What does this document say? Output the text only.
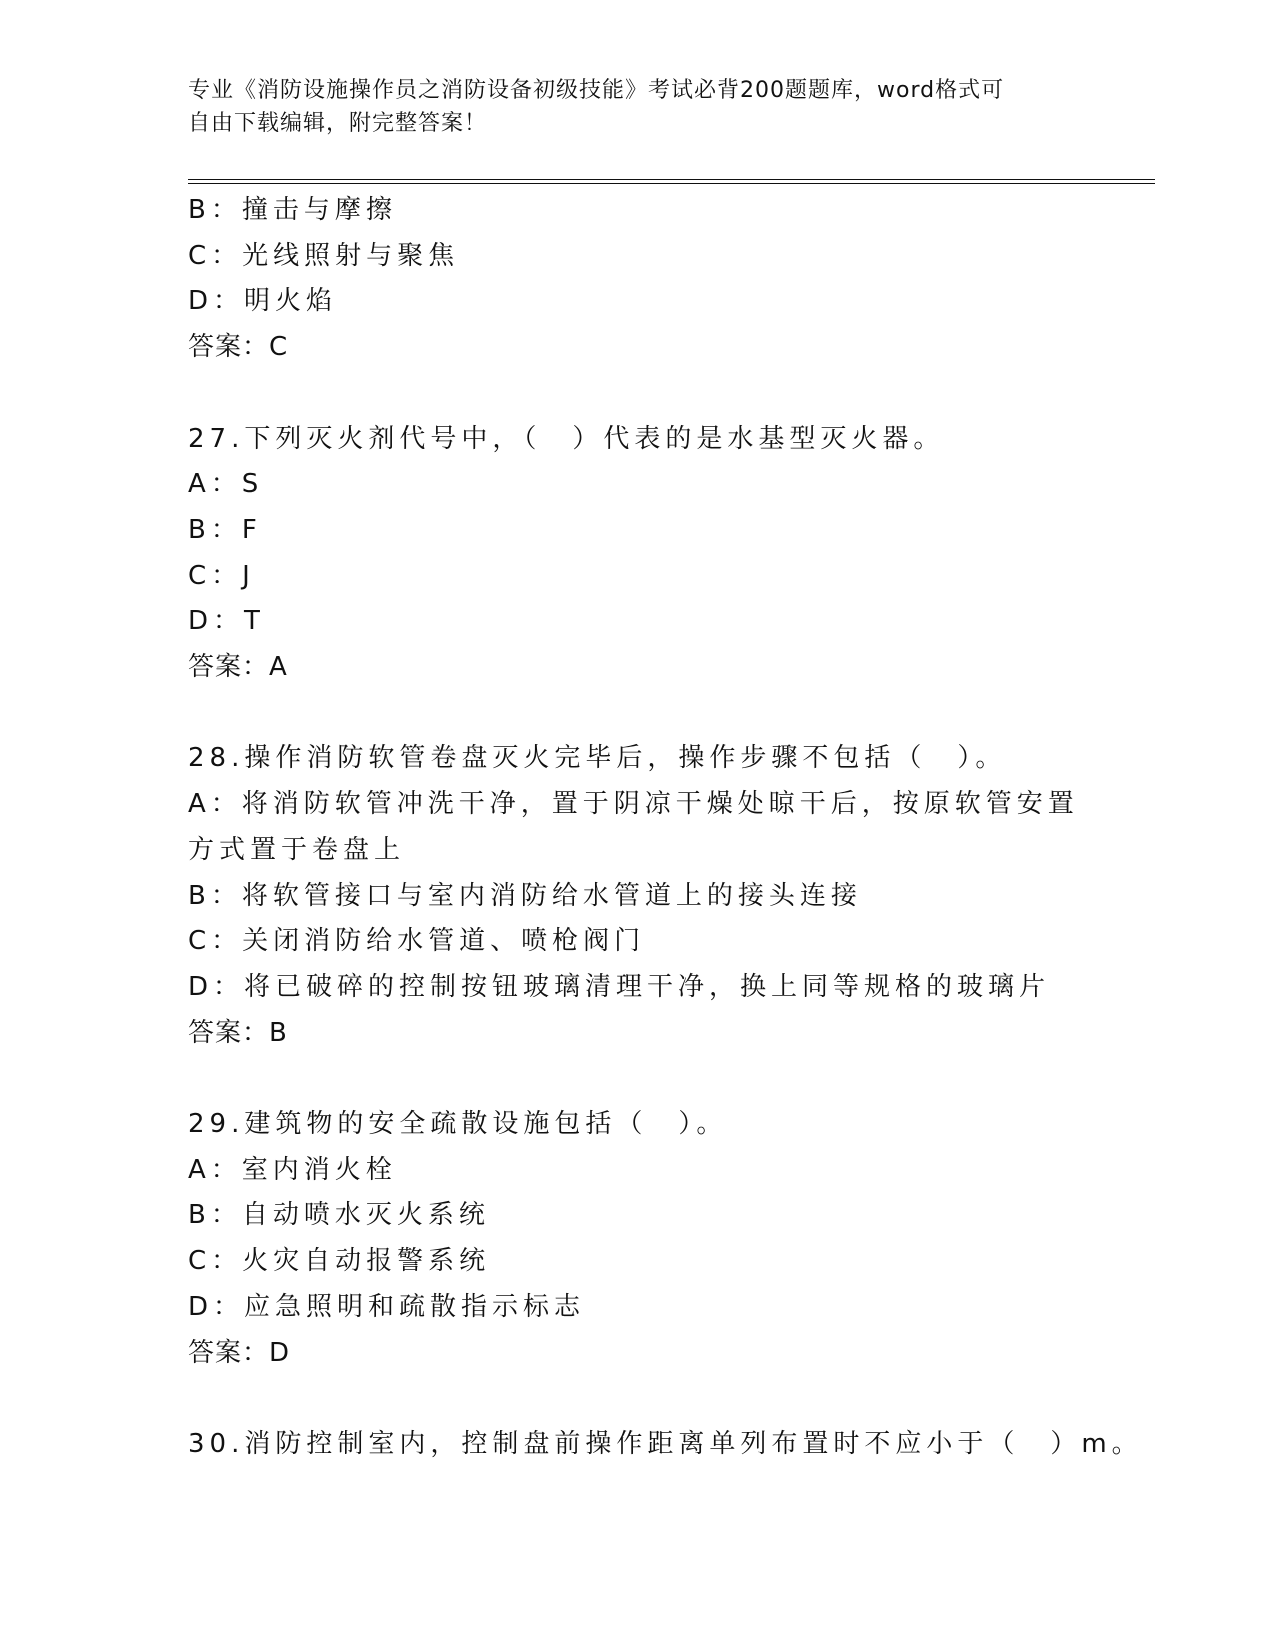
专业《消防设施操作员之消防设备初级技能》考试必背200题题库，word格式可
自由下载编辑，附完整答案！
B：撞击与摩擦
C：光线照射与聚焦
D：明火焰
答案：C
27.下列灭火剂代号中，（　）代表的是水基型灭火器。
A：S
B：F
C：J
D：T
答案：A
28.操作消防软管卷盘灭火完毕后，操作步骤不包括（　）。
A：将消防软管冲洗干净，置于阴凉干燥处晾干后，按原软管安置方式置于卷盘上
B：将软管接口与室内消防给水管道上的接头连接
C：关闭消防给水管道、喷枪阀门
D：将已破碎的控制按钮玻璃清理干净，换上同等规格的玻璃片
答案：B
29.建筑物的安全疏散设施包括（　）。
A：室内消火栓
B：自动喷水灭火系统
C：火灾自动报警系统
D：应急照明和疏散指示标志
答案：D
30.消防控制室内，控制盘前操作距离单列布置时不应小于（　）m。
